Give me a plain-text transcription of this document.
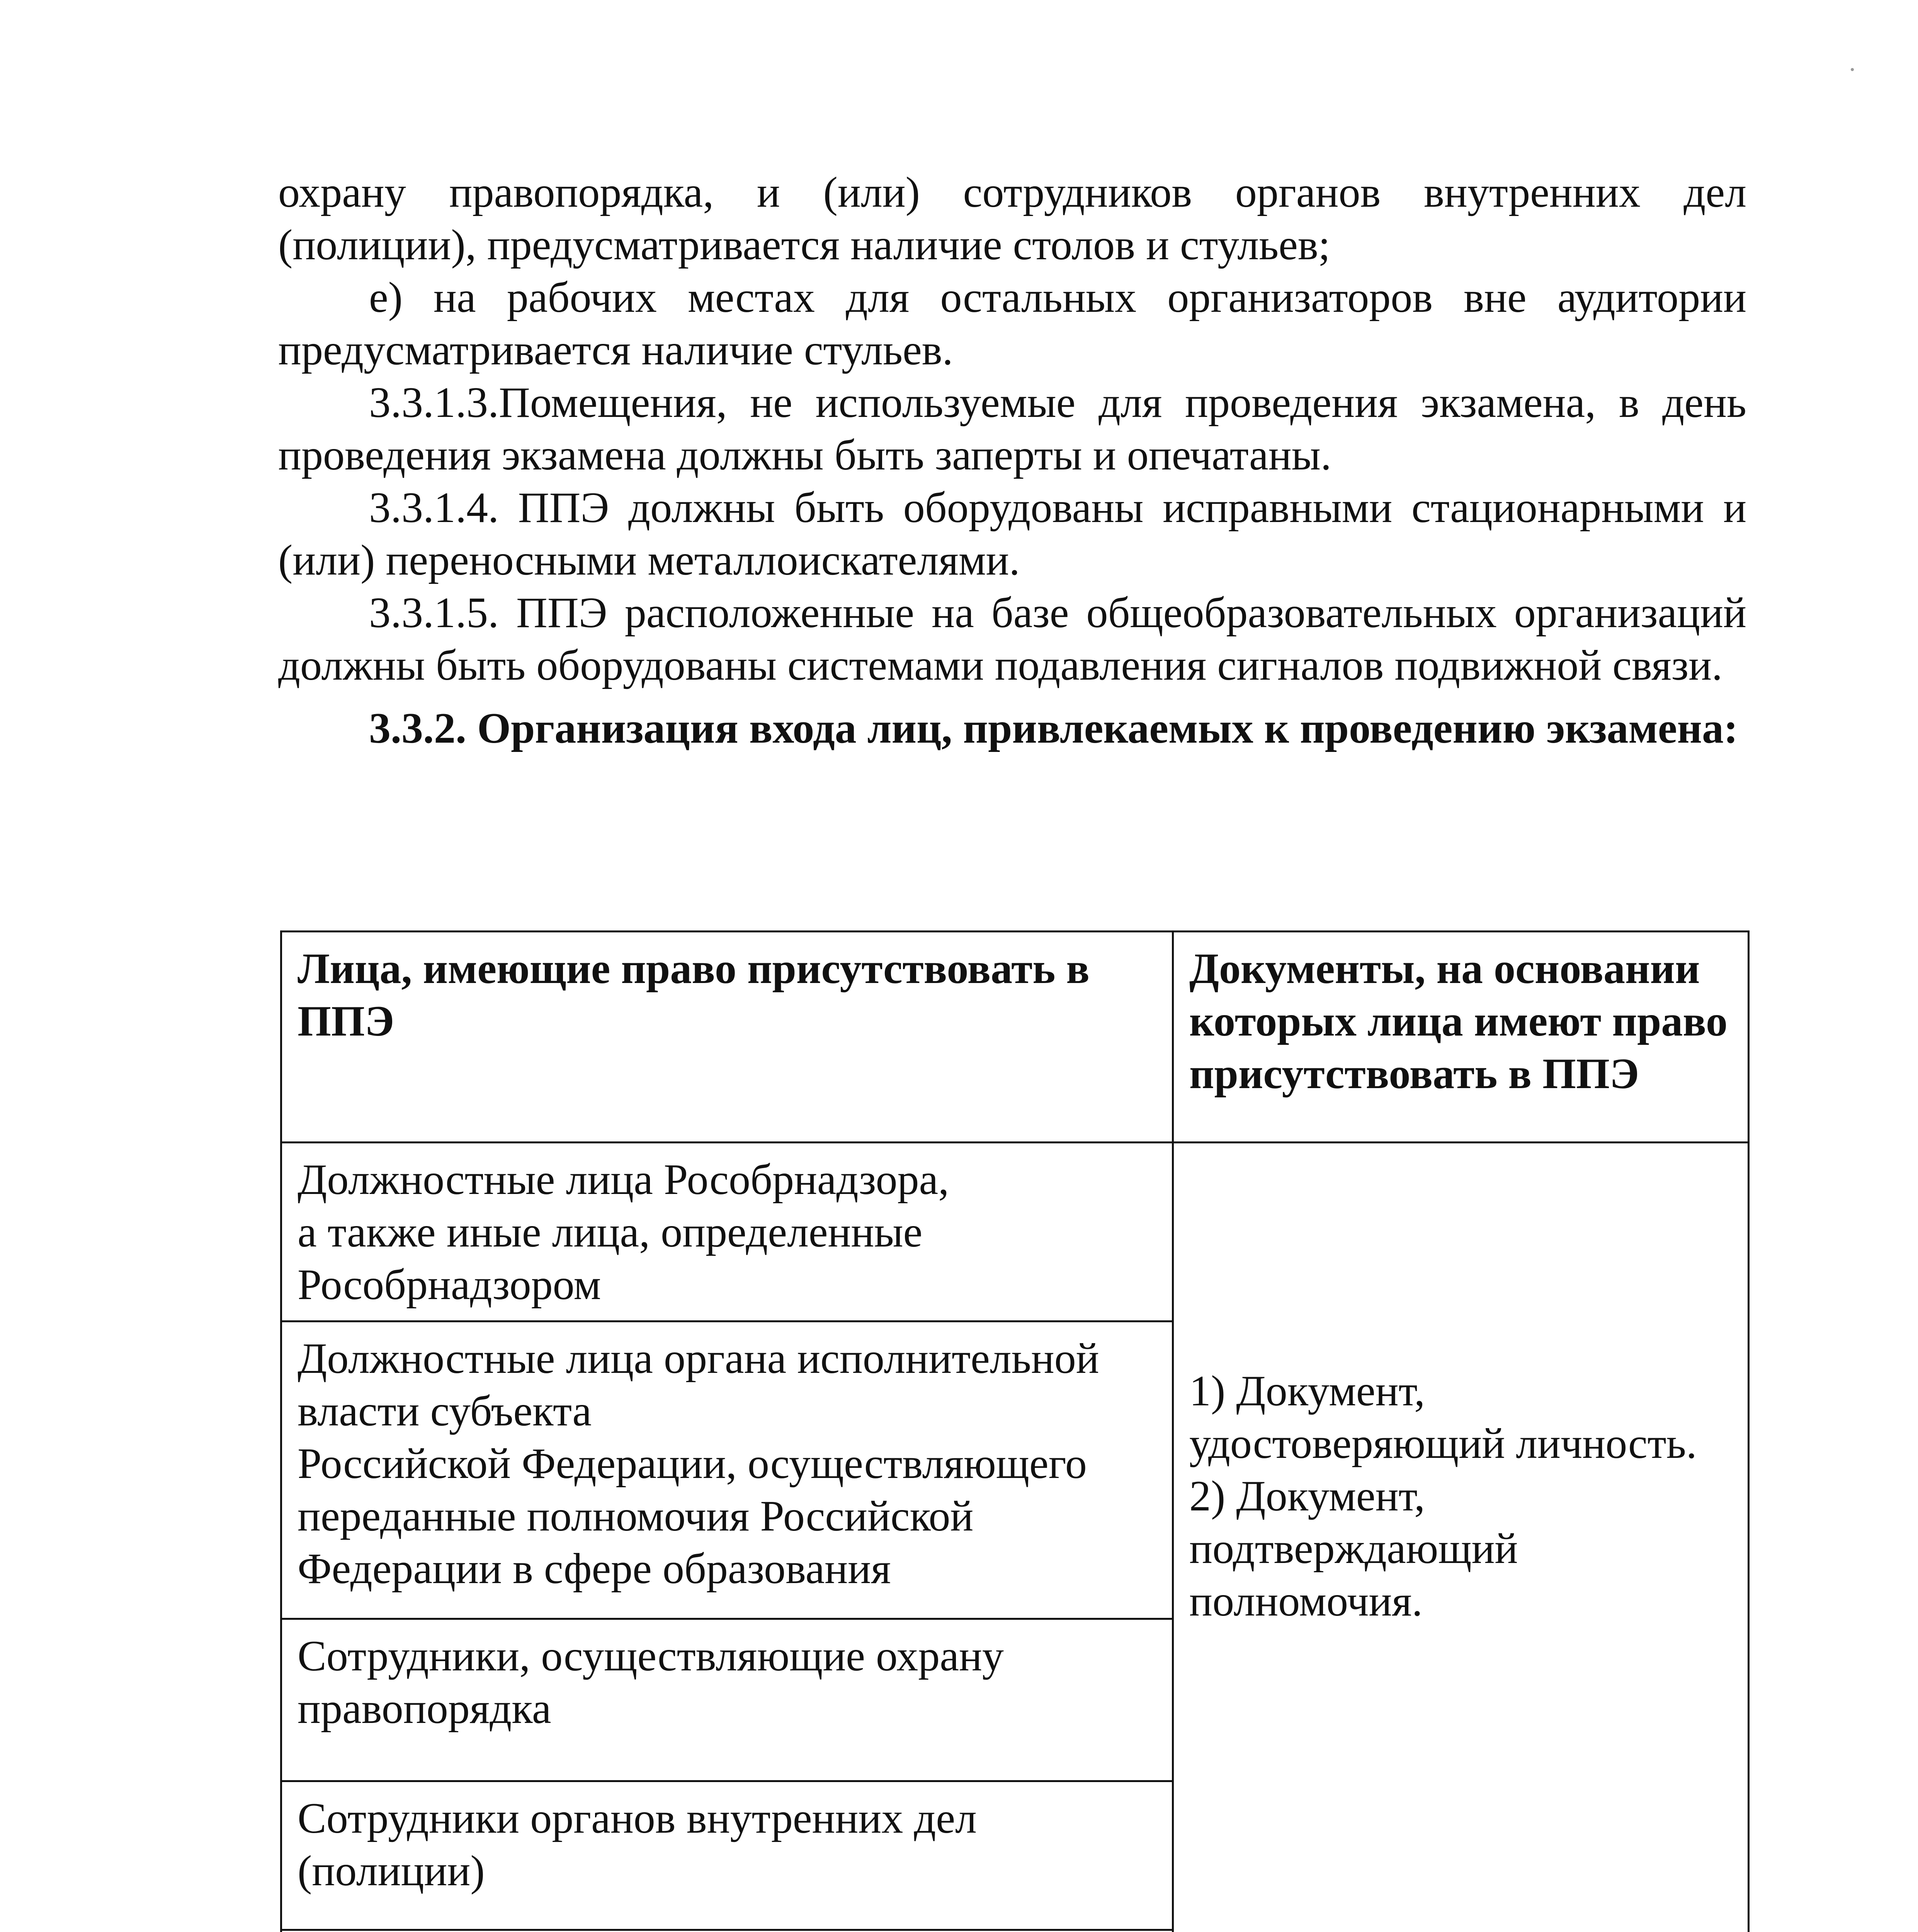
охрану правопорядка, и (или) сотрудников органов внутренних дел
(полиции), предусматривается наличие столов и стульев;

е) на рабочих местах для остальных организаторов вне аудитории предусматривается наличие стульев.

3.3.1.3.Помещения, не используемые для проведения экзамена, в день проведения экзамена должны быть заперты и опечатаны.

3.3.1.4. ППЭ должны быть оборудованы исправными стационарными и (или) переносными металлоискателями.

3.3.1.5. ППЭ расположенные на базе общеобразовательных организаций должны быть оборудованы системами подавления сигналов подвижной связи.

3.3.2. Организация входа лиц, привлекаемых к проведению экзамена:

Лица, имеющие право присутствовать в ППЭ	Документы, на основании которых лица имеют право присутствовать в ППЭ

Должностные лица Рособрнадзора,
а также иные лица, определенные
Рособрнадзором	1) Документ,
удостоверяющий личность.
2) Документ,
подтверждающий
полномочия.

Должностные лица органа исполнительной
власти субъекта
Российской Федерации, осуществляющего
переданные полномочия Российской
Федерации в сфере образования	

Сотрудники, осуществляющие охрану
правопорядка	

Сотрудники органов внутренних дел
(полиции)	
